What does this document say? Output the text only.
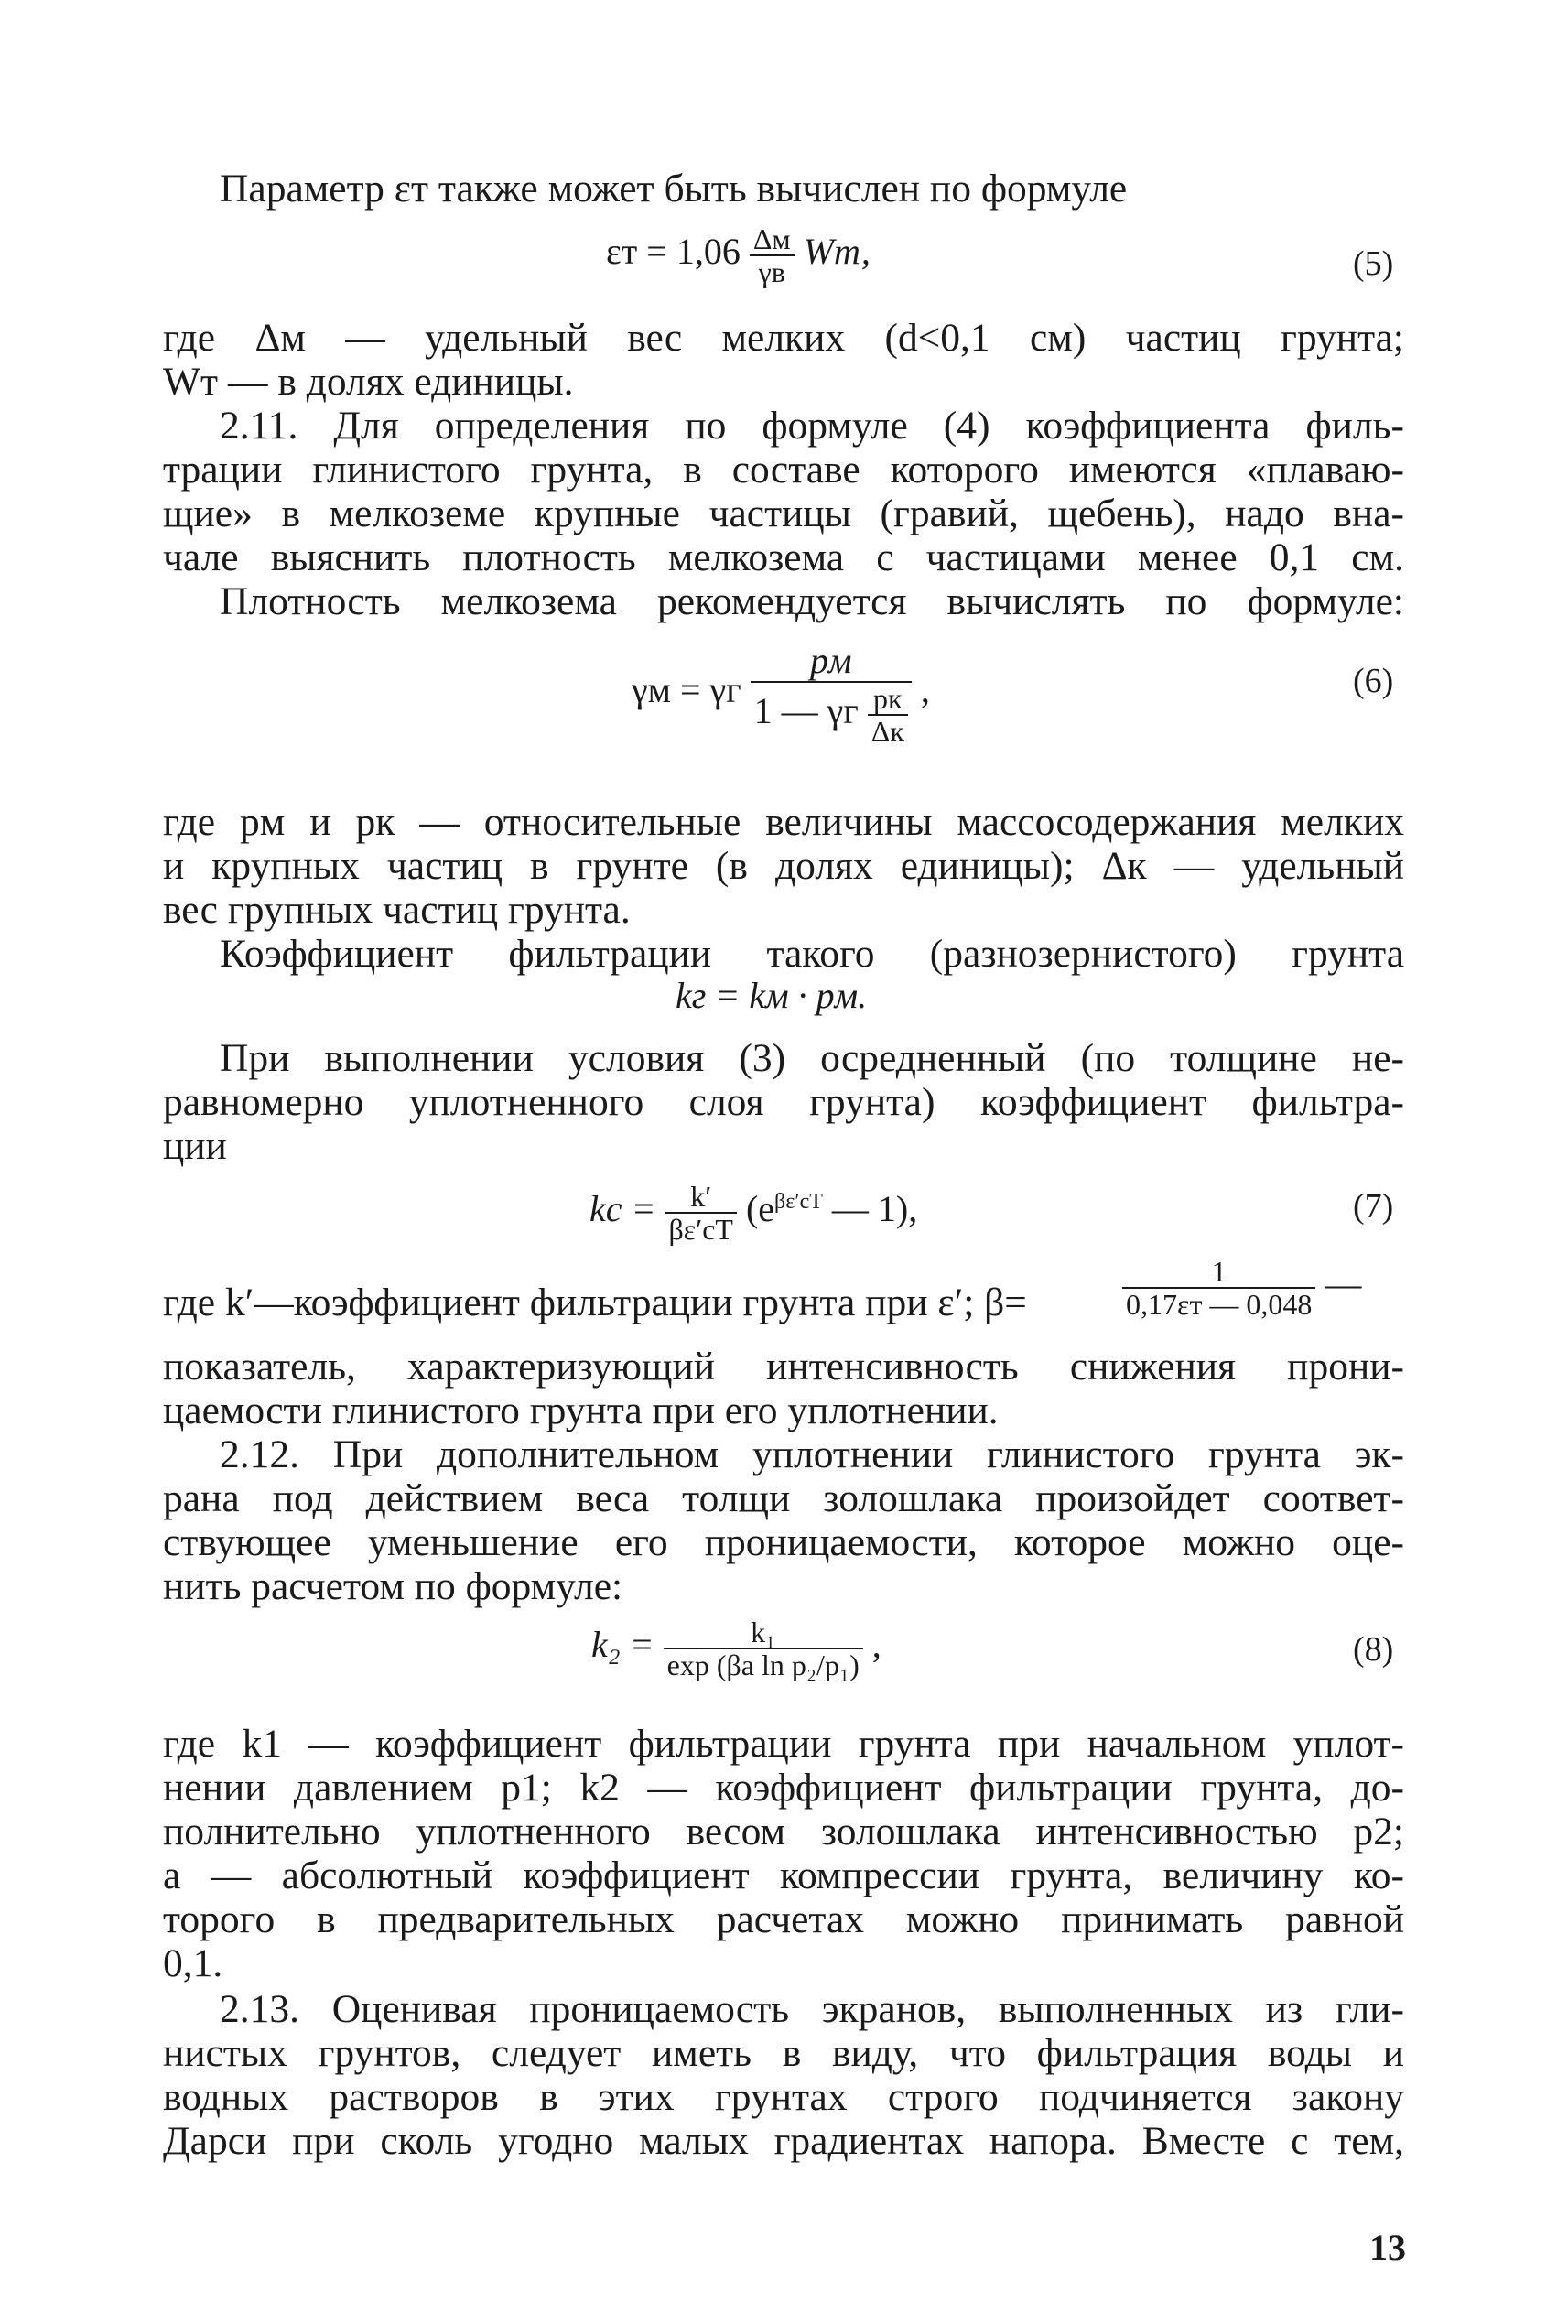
Параметр εт также может быть вычислен по формуле
$\varepsilon т = 1,06 \frac{\Delta м}{\gamma в}$ Wт,	(5)
где Δм — удельный вес мелких (d<0,1 см) частиц грунта;
Wт — в долях единицы.
2.11. Для определения по формуле (4) коэффициента филь-
трации глинистого грунта, в составе которого имеются «плаваю-
щие» в мелкоземе крупные частицы (гравий, щебень), надо вна-
чале выяснить плотность мелкозема с частицами менее 0,1 см.
Плотность мелкозема рекомендуется вычислять по формуле:
γм = γг $\frac{pм}{1 — \gamma г \frac{pк}{\Delta к}}$ ,	(6)
где pм и pк — относительные величины массосодержания мелких
и крупных частиц в грунте (в долях единицы); Δк — удельный
вес групных частиц грунта.
Коэффициент фильтрации такого (разнозернистого) грунта
kг = kм · pм.
При выполнении условия (3) осредненный (по толщине не-
равномерно уплотненного слоя грунта) коэффициент фильтра-
ции
kс = $\frac{k'}{\beta\varepsilon'cT} (e^{\beta\varepsilon'cT}$ — 1),	(7)
где k′—коэффициент фильтрации грунта при ε′; β=	$\frac{1}{0,17\varepsilon т — 0,048}$ —
показатель, характеризующий интенсивность снижения прони-
цаемости глинистого грунта при его уплотнении.
2.12. При дополнительном уплотнении глинистого грунта эк-
рана под действием веса толщи золошлака произойдет соответ-
ствующее уменьшение его проницаемости, которое можно оце-
нить расчетом по формуле:
$k_2 = \frac{\text{k₁}}{\text{exp (βa ln p₂/p₁)}}$ ,	(8)
где k1 — коэффициент фильтрации грунта при начальном уплот-
нении давлением p1; k2 — коэффициент фильтрации грунта, до-
полнительно уплотненного весом золошлака интенсивностью p2;
a — абсолютный коэффициент компрессии грунта, величину ко-
торого в предварительных расчетах можно принимать равной
0,1.
2.13. Оценивая проницаемость экранов, выполненных из гли-
нистых грунтов, следует иметь в виду, что фильтрация воды и
водных растворов в этих грунтах строго подчиняется закону
Дарси при сколь угодно малых градиентах напора. Вместе с тем,
13
